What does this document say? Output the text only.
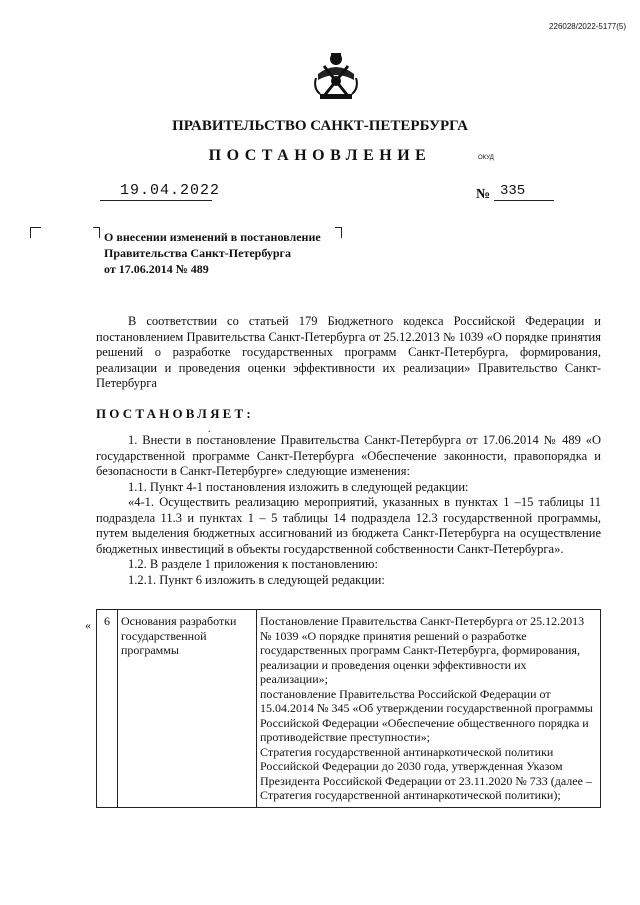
226028/2022-5177(5)
ПРАВИТЕЛЬСТВО САНКТ-ПЕТЕРБУРГА
ПОСТАНОВЛЕНИЕ	ОКУД
19.04.2022	№ 335
О внесении изменений в постановление
Правительства Санкт-Петербурга
от 17.06.2014 № 489

В соответствии со статьей 179 Бюджетного кодекса Российской Федерации и постановлением Правительства Санкт-Петербурга от 25.12.2013 № 1039 «О порядке принятия решений о разработке государственных программ Санкт-Петербурга, формирования, реализации и проведения оценки эффективности их реализации» Правительство Санкт-Петербурга

ПОСТАНОВЛЯЕТ:
.

1. Внести в постановление Правительства Санкт-Петербурга от 17.06.2014 № 489 «О государственной программе Санкт-Петербурга «Обеспечение законности, правопорядка и безопасности в Санкт-Петербурге» следующие изменения:

1.1. Пункт 4-1 постановления изложить в следующей редакции:

«4-1. Осуществить реализацию мероприятий, указанных в пунктах 1 –15 таблицы 11 подраздела 11.3 и пунктах 1 – 5 таблицы 14 подраздела 12.3 государственной программы, путем выделения бюджетных ассигнований из бюджета Санкт-Петербурга на осуществление бюджетных инвестиций в объекты государственной собственности Санкт-Петербурга».

1.2. В разделе 1 приложения к постановлению:

1.2.1. Пункт 6 изложить в следующей редакции:

« 6	Основания разработки государственной программы	
Постановление Правительства Санкт-Петербурга от 25.12.2013 № 1039 «О порядке принятия решений о разработке государственных программ Санкт-Петербурга, формирования, реализации и проведения оценки эффективности их реализации»;
постановление Правительства Российской Федерации от 15.04.2014 № 345 «Об утверждении государственной программы Российской Федерации «Обеспечение общественного порядка и противодействие преступности»;
Стратегия государственной антинаркотической политики Российской Федерации до 2030 года, утвержденная Указом Президента Российской Федерации от 23.11.2020 № 733 (далее – Стратегия государственной антинаркотической политики);
